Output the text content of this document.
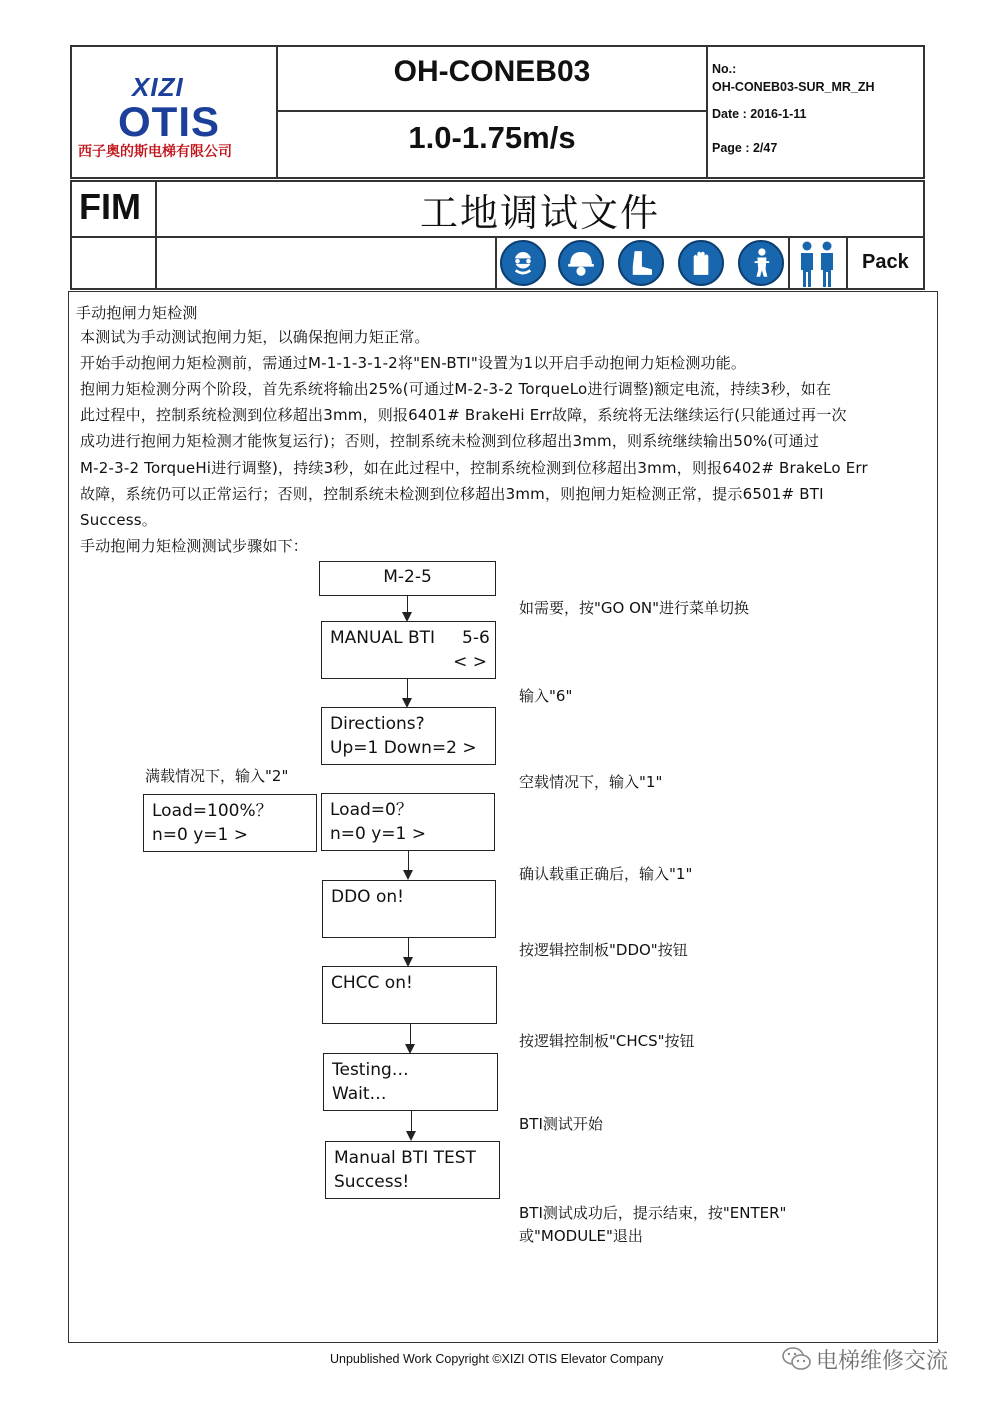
XIZI
OTIS
西子奥的斯电梯有限公司
OH-CONEB03
1.0-1.75m/s
No.:
OH-CONEB03-SUR_MR_ZH
Date : 2016-1-11
Page : 2/47
FIM	工地调试文件
Pack
手动抱闸力矩检测
本测试为手动测试抱闸力矩，以确保抱闸力矩正常。
开始手动抱闸力矩检测前，需通过M-1-1-3-1-2将"EN-BTI"设置为1以开启手动抱闸力矩检测功能。
抱闸力矩检测分两个阶段，首先系统将输出25%(可通过M-2-3-2 TorqueLo进行调整)额定电流，持续3秒，如在
此过程中，控制系统检测到位移超出3mm，则报6401# BrakeHi Err故障，系统将无法继续运行(只能通过再一次
成功进行抱闸力矩检测才能恢复运行)；否则，控制系统未检测到位移超出3mm，则系统继续输出50%(可通过
M-2-3-2 TorqueHi进行调整)，持续3秒，如在此过程中，控制系统检测到位移超出3mm，则报6402# BrakeLo Err
故障，系统仍可以正常运行；否则，控制系统未检测到位移超出3mm，则抱闸力矩检测正常，提示6501# BTI
Success。
手动抱闸力矩检测测试步骤如下：
M-2-5
如需要，按"GO ON"进行菜单切换
MANUAL BTI     5-6
< >
输入"6"
Directions?
Up=1 Down=2 >
满载情况下，输入"2"	空载情况下，输入"1"
Load=100%？
n=0 y=1 >
Load=0？
n=0 y=1 >
确认载重正确后，输入"1"
DDO on!
按逻辑控制板"DDO"按钮
CHCC on!
按逻辑控制板"CHCS"按钮
Testing…
Wait…
BTI测试开始
Manual BTI TEST
Success!
BTI测试成功后，提示结束，按"ENTER"
或"MODULE"退出
Unpublished Work Copyright ©XIZI OTIS Elevator Company	电梯维修交流
